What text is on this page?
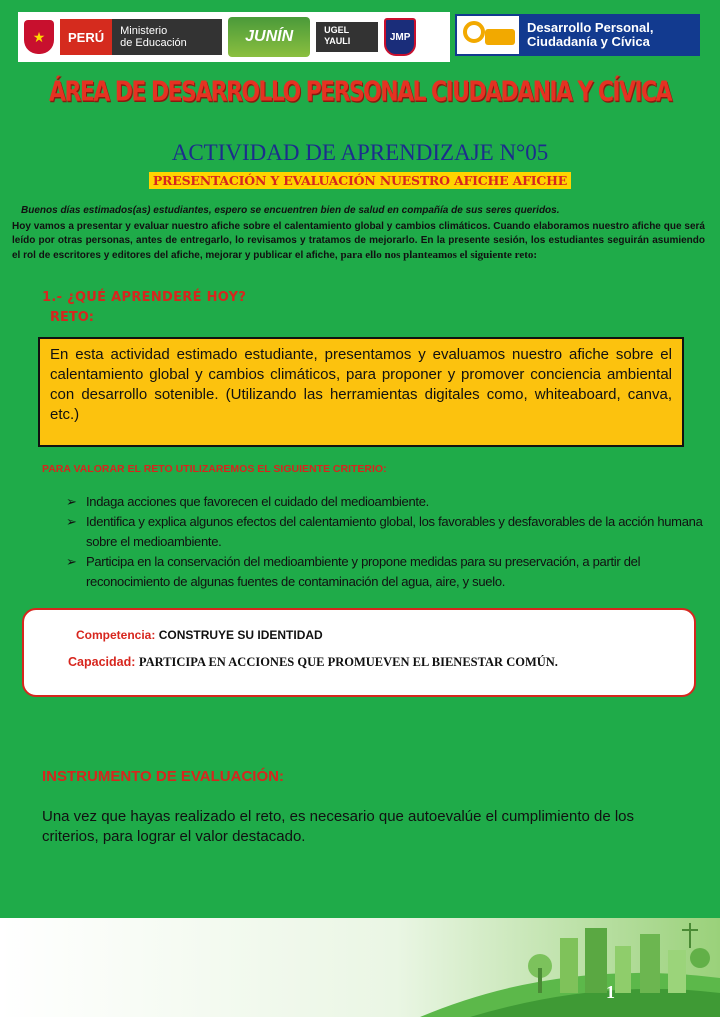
★	PERÚ	Ministerio
de Educación	JUNÍN	UGEL
YAULI	JMP
Desarrollo Personal,
Ciudadanía y Cívica
ÁREA DE DESARROLLO PERSONAL CIUDADANIA Y CÍVICA
ACTIVIDAD DE APRENDIZAJE N°05
PRESENTACIÓN Y EVALUACIÓN NUESTRO AFICHE AFICHE
Buenos días estimados(as) estudiantes, espero se encuentren bien de salud en compañía de sus seres queridos.
Hoy vamos a presentar y evaluar nuestro afiche sobre el calentamiento global y cambios climáticos. Cuando elaboramos nuestro afiche que será leído por otras personas, antes de entregarlo, lo revisamos y tratamos de mejorarlo. En la presente sesión, los estudiantes seguirán asumiendo el rol de escritores y editores del afiche, mejorar y publicar el afiche, para ello nos planteamos el siguiente reto:
1.- ¿QUÉ APRENDERÉ HOY?
RETO:
En esta actividad estimado estudiante, presentamos y evaluamos nuestro afiche sobre el calentamiento global y cambios climáticos, para proponer y promover conciencia ambiental con desarrollo sotenible. (Utilizando las herramientas digitales como, whiteaboard, canva, etc.)
PARA VALORAR EL RETO UTILIZAREMOS EL SIGUIENTE CRITERIO:
➢ Indaga acciones que favorecen el cuidado del medioambiente.
➢ Identifica y explica algunos efectos del calentamiento global, los favorables y desfavorables de la acción humana sobre el medioambiente.
➢ Participa en la conservación del medioambiente y propone medidas para su preservación, a partir del reconocimiento de algunas fuentes de contaminación del agua, aire, y suelo.
Competencia: CONSTRUYE SU IDENTIDAD
Capacidad: PARTICIPA EN ACCIONES QUE PROMUEVEN EL BIENESTAR COMÚN.
INSTRUMENTO DE EVALUACIÓN:
Una vez que hayas realizado el reto, es necesario que autoevalúe el cumplimiento de los criterios, para lograr el valor destacado.
1
